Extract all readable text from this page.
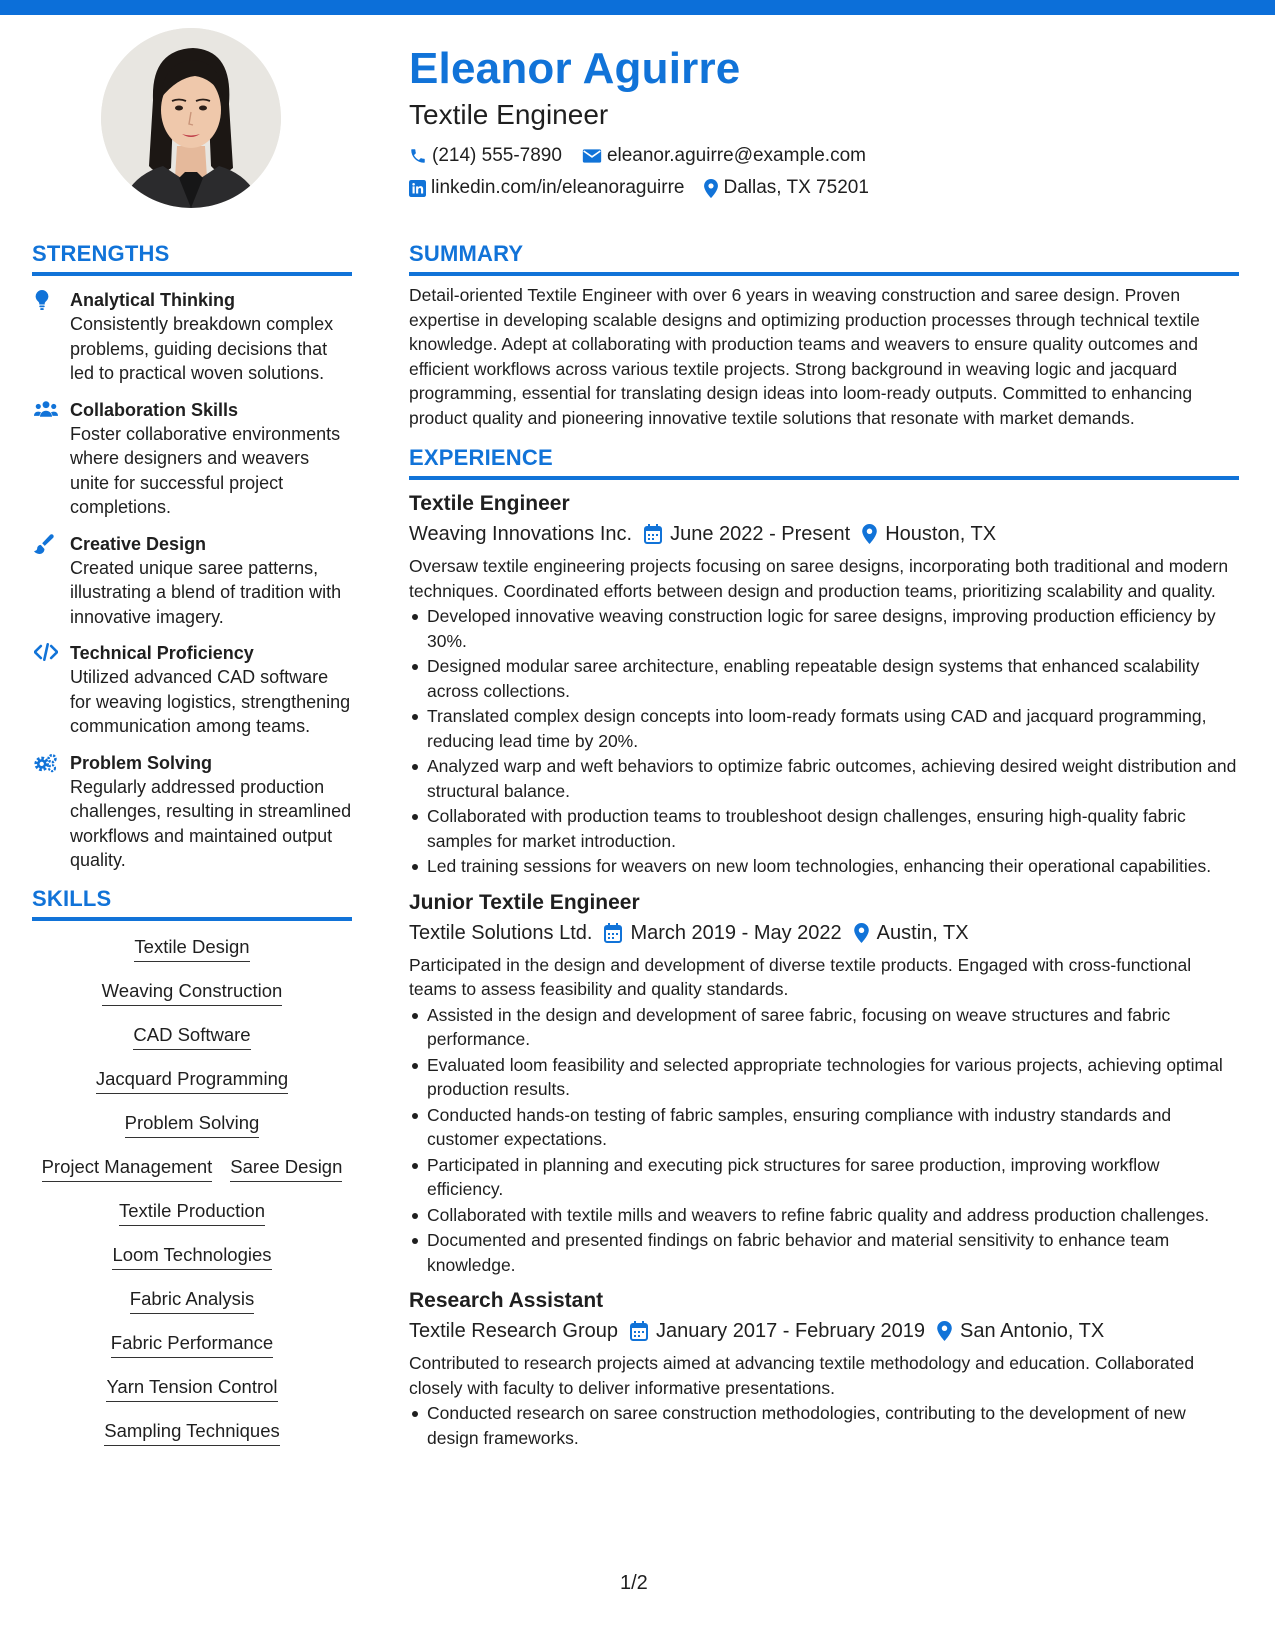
Eleanor Aguirre
Textile Engineer
(214) 555-7890 eleanor.aguirre@example.com
linkedin.com/in/eleanoraguirre Dallas, TX 75201
STRENGTHS
Analytical Thinking
Consistently breakdown complex problems, guiding decisions that led to practical woven solutions.
Collaboration Skills
Foster collaborative environments where designers and weavers unite for successful project completions.
Creative Design
Created unique saree patterns, illustrating a blend of tradition with innovative imagery.
Technical Proficiency
Utilized advanced CAD software for weaving logistics, strengthening communication among teams.
Problem Solving
Regularly addressed production challenges, resulting in streamlined workflows and maintained output quality.
SKILLS
Textile Design
Weaving Construction
CAD Software
Jacquard Programming
Problem Solving
Project Management Saree Design
Textile Production
Loom Technologies
Fabric Analysis
Fabric Performance
Yarn Tension Control
Sampling Techniques
SUMMARY
Detail-oriented Textile Engineer with over 6 years in weaving construction and saree design. Proven expertise in developing scalable designs and optimizing production processes through technical textile knowledge. Adept at collaborating with production teams and weavers to ensure quality outcomes and efficient workflows across various textile projects. Strong background in weaving logic and jacquard programming, essential for translating design ideas into loom-ready outputs. Committed to enhancing product quality and pioneering innovative textile solutions that resonate with market demands.
EXPERIENCE
Textile Engineer
Weaving Innovations Inc. June 2022 - Present Houston, TX
Oversaw textile engineering projects focusing on saree designs, incorporating both traditional and modern techniques. Coordinated efforts between design and production teams, prioritizing scalability and quality.
Developed innovative weaving construction logic for saree designs, improving production efficiency by 30%.
Designed modular saree architecture, enabling repeatable design systems that enhanced scalability across collections.
Translated complex design concepts into loom-ready formats using CAD and jacquard programming, reducing lead time by 20%.
Analyzed warp and weft behaviors to optimize fabric outcomes, achieving desired weight distribution and structural balance.
Collaborated with production teams to troubleshoot design challenges, ensuring high-quality fabric samples for market introduction.
Led training sessions for weavers on new loom technologies, enhancing their operational capabilities.
Junior Textile Engineer
Textile Solutions Ltd. March 2019 - May 2022 Austin, TX
Participated in the design and development of diverse textile products. Engaged with cross-functional teams to assess feasibility and quality standards.
Assisted in the design and development of saree fabric, focusing on weave structures and fabric performance.
Evaluated loom feasibility and selected appropriate technologies for various projects, achieving optimal production results.
Conducted hands-on testing of fabric samples, ensuring compliance with industry standards and customer expectations.
Participated in planning and executing pick structures for saree production, improving workflow efficiency.
Collaborated with textile mills and weavers to refine fabric quality and address production challenges.
Documented and presented findings on fabric behavior and material sensitivity to enhance team knowledge.
Research Assistant
Textile Research Group January 2017 - February 2019 San Antonio, TX
Contributed to research projects aimed at advancing textile methodology and education. Collaborated closely with faculty to deliver informative presentations.
Conducted research on saree construction methodologies, contributing to the development of new design frameworks.
1/2
